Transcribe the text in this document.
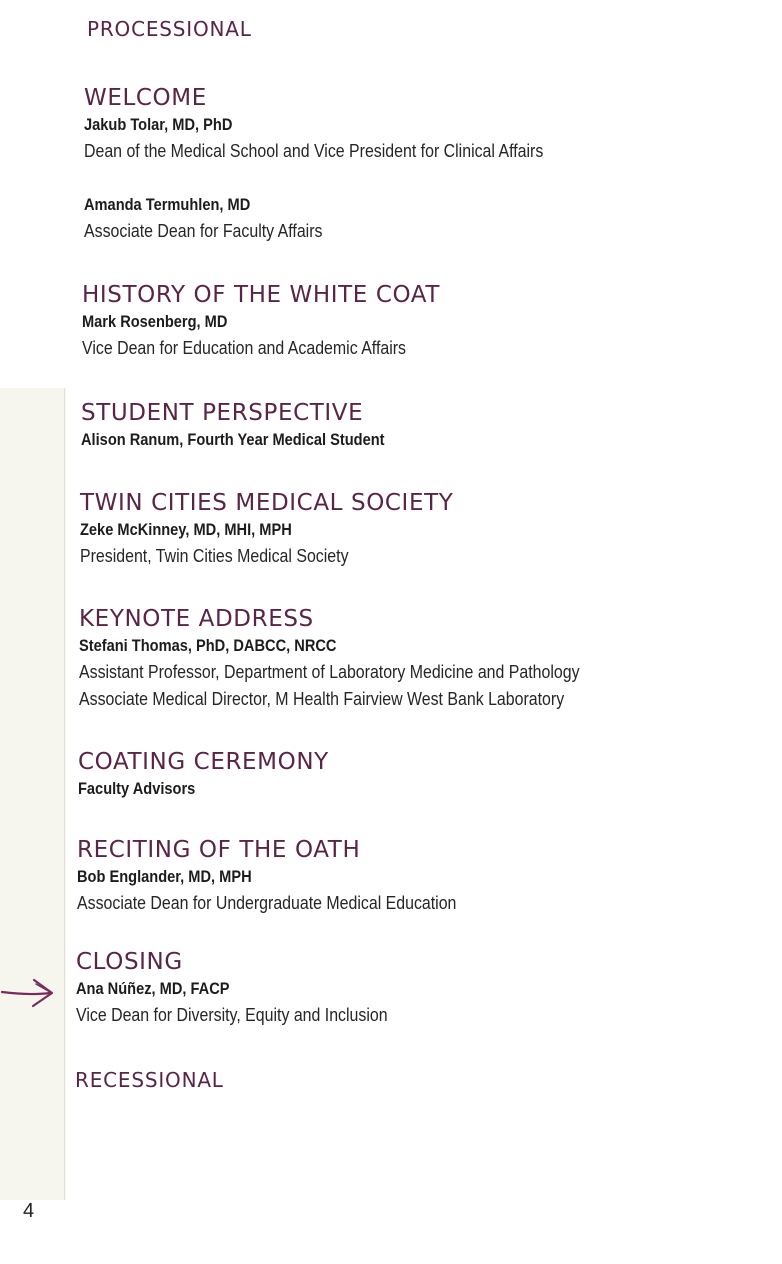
PROCESSIONAL
WELCOME
Jakub Tolar, MD, PhD
Dean of the Medical School and Vice President for Clinical Affairs
Amanda Termuhlen, MD
Associate Dean for Faculty Affairs
HISTORY OF THE WHITE COAT
Mark Rosenberg, MD
Vice Dean for Education and Academic Affairs
STUDENT PERSPECTIVE
Alison Ranum, Fourth Year Medical Student
TWIN CITIES MEDICAL SOCIETY
Zeke McKinney, MD, MHI, MPH
President, Twin Cities Medical Society
KEYNOTE ADDRESS
Stefani Thomas, PhD, DABCC, NRCC
Assistant Professor, Department of Laboratory Medicine and Pathology
Associate Medical Director, M Health Fairview West Bank Laboratory
COATING CEREMONY
Faculty Advisors
RECITING OF THE OATH
Bob Englander, MD, MPH
Associate Dean for Undergraduate Medical Education
CLOSING
Ana Núñez, MD, FACP
Vice Dean for Diversity, Equity and Inclusion
RECESSIONAL
4
